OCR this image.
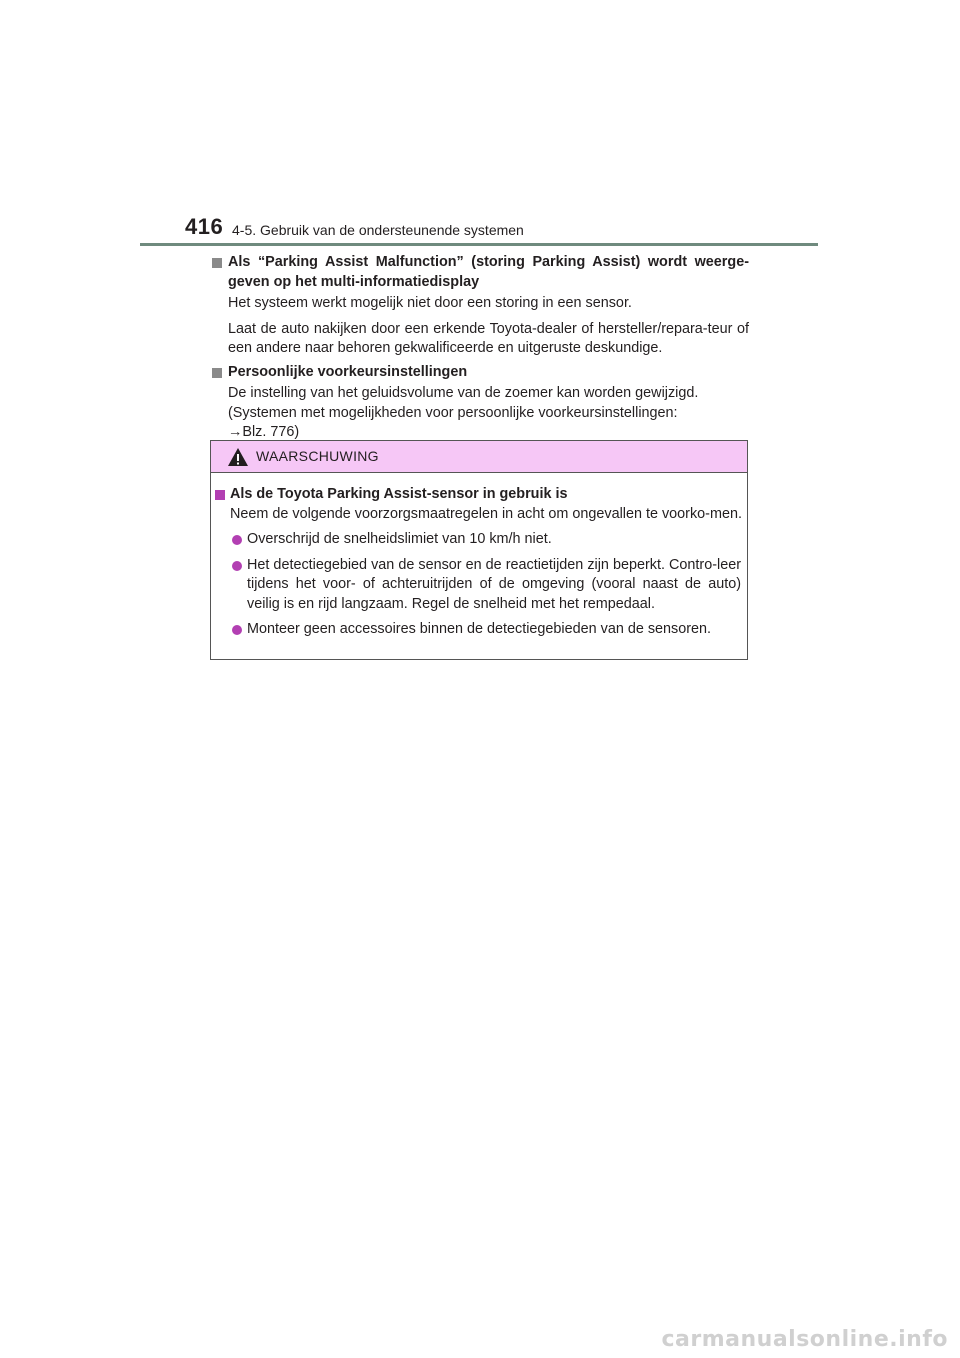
416 4-5. Gebruik van de ondersteunende systemen
Als “Parking Assist Malfunction” (storing Parking Assist) wordt weerge-geven op het multi-informatiedisplay
Het systeem werkt mogelijk niet door een storing in een sensor.
Laat de auto nakijken door een erkende Toyota-dealer of hersteller/repara-teur of een andere naar behoren gekwalificeerde en uitgeruste deskundige.
Persoonlijke voorkeursinstellingen
De instelling van het geluidsvolume van de zoemer kan worden gewijzigd.
(Systemen met mogelijkheden voor persoonlijke voorkeursinstellingen:
→Blz. 776)
WAARSCHUWING
Als de Toyota Parking Assist-sensor in gebruik is
Neem de volgende voorzorgsmaatregelen in acht om ongevallen te voorko-men.
Overschrijd de snelheidslimiet van 10 km/h niet.
Het detectiegebied van de sensor en de reactietijden zijn beperkt. Contro-leer tijdens het voor- of achteruitrijden of de omgeving (vooral naast de auto) veilig is en rijd langzaam. Regel de snelheid met het rempedaal.
Monteer geen accessoires binnen de detectiegebieden van de sensoren.
carmanualsonline.info
